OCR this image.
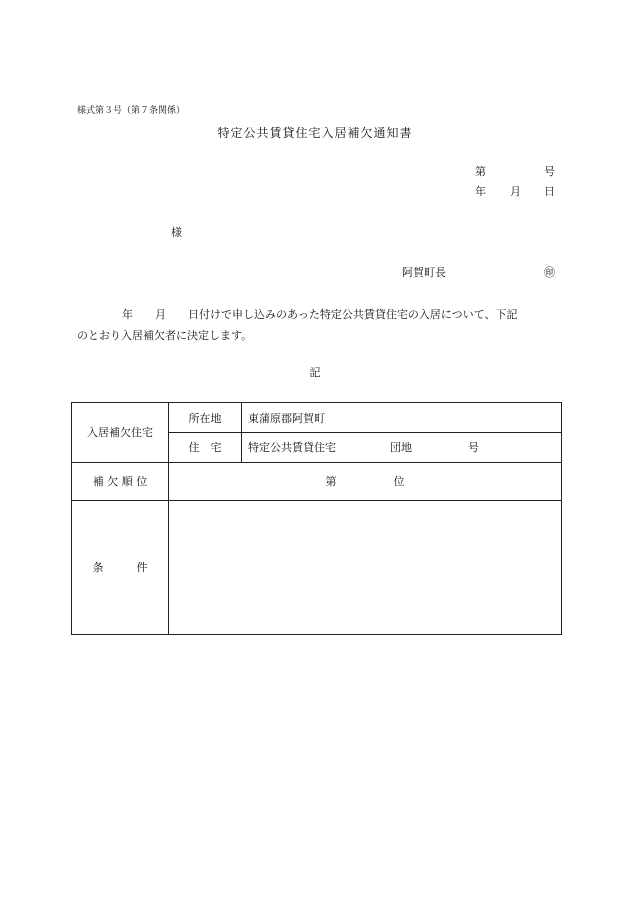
様式第３号（第７条関係）
特定公共賃貸住宅入居補欠通知書
第	号
年 月 日
様
阿賀町長	㊞
年　　月　　日付けで申し込みのあった特定公共賃貸住宅の入居について、下記
のとおり入居補欠者に決定します。
記
入居補欠住宅	所在地	東蒲原郡阿賀町
	住　宅	特定公共賃貸住宅 団地 号
補 欠 順 位	第 位	
条　　　件		
